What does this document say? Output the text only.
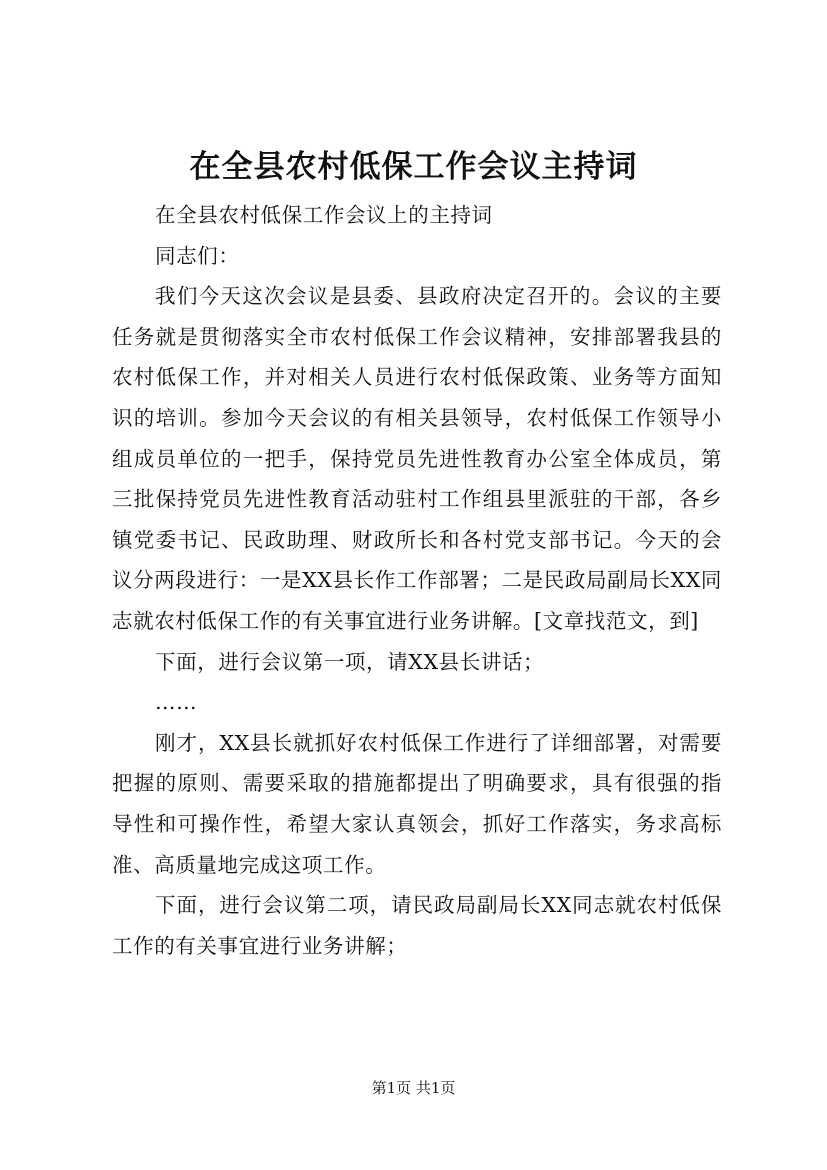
在全县农村低保工作会议主持词

在全县农村低保工作会议上的主持词

同志们：

我们今天这次会议是县委、县政府决定召开的。会议的主要任务就是贯彻落实全市农村低保工作会议精神，安排部署我县的农村低保工作，并对相关人员进行农村低保政策、业务等方面知识的培训。参加今天会议的有相关县领导，农村低保工作领导小组成员单位的一把手，保持党员先进性教育办公室全体成员，第三批保持党员先进性教育活动驻村工作组县里派驻的干部，各乡镇党委书记、民政助理、财政所长和各村党支部书记。今天的会议分两段进行：一是XX县长作工作部署；二是民政局副局长XX同志就农村低保工作的有关事宜进行业务讲解。[文章找范文，到]

下面，进行会议第一项，请XX县长讲话；

……

刚才，XX县长就抓好农村低保工作进行了详细部署，对需要把握的原则、需要采取的措施都提出了明确要求，具有很强的指导性和可操作性，希望大家认真领会，抓好工作落实，务求高标准、高质量地完成这项工作。

下面，进行会议第二项，请民政局副局长XX同志就农村低保工作的有关事宜进行业务讲解；

第1页 共1页
